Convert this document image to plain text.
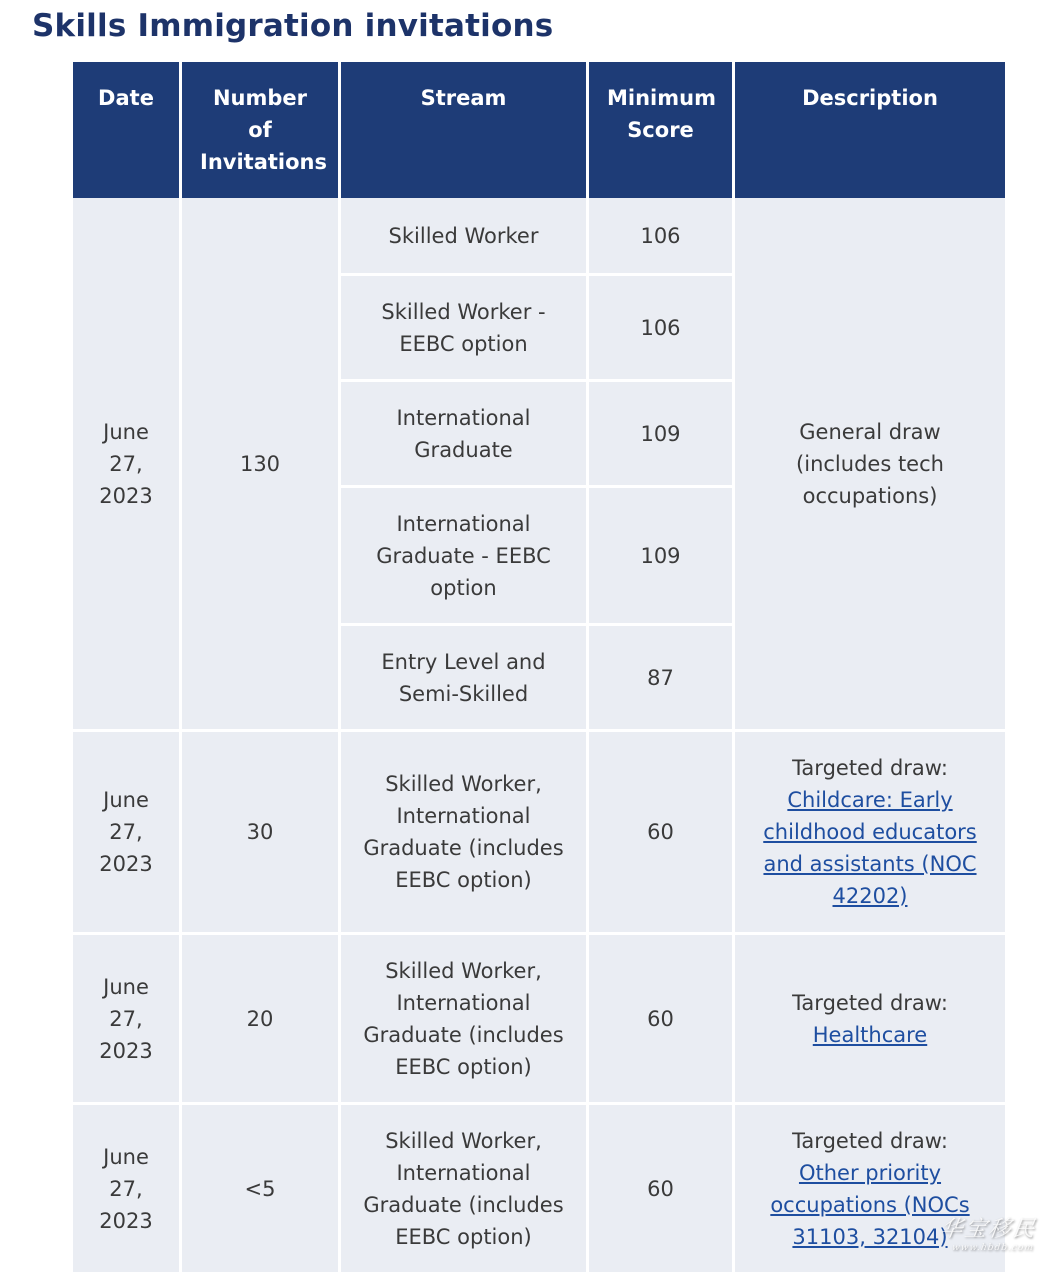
Skills Immigration invitations
Date	Number of Invitations	Stream	Minimum Score	Description
June 27, 2023	130	Skilled Worker	106	General draw (includes tech occupations)
		Skilled Worker - EEBC option	106	
		International Graduate	109	
		International Graduate - EEBC option	109	
		Entry Level and Semi-Skilled	87	
June 27, 2023	30	Skilled Worker, International Graduate (includes EEBC option)	60	Targeted draw:
Childcare: Early childhood educators and assistants (NOC 42202)
June 27, 2023	20	Skilled Worker, International Graduate (includes EEBC option)	60	Targeted draw:
Healthcare
June 27, 2023	<5	Skilled Worker, International Graduate (includes EEBC option)	60	Targeted draw:
Other priority occupations (NOCs 31103, 32104)
华宝移民
www.hbdb.com
